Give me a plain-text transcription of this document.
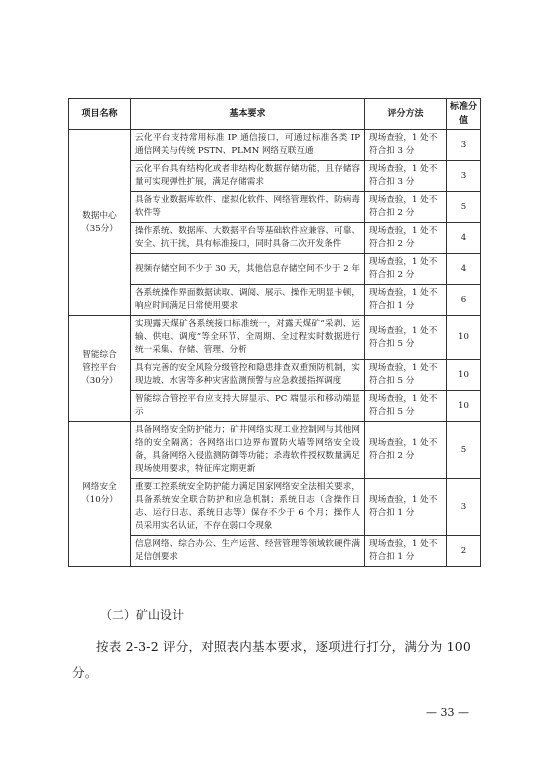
项目名称	基本要求	评分方法	标准分值

数据中心
（35分）	云化平台支持常用标准 IP 通信接口，可通过标准各类 IP 通信网关与传统 PSTN、PLMN 网络互联互通	现场查验，1 处不符合扣 3 分	3
	云化平台具有结构化或者非结构化数据存储功能，且存储容量可实现弹性扩展，满足存储需求	现场查验，1 处不符合扣 3 分	3
	具备专业数据库软件、虚拟化软件、网络管理软件、防病毒软件等	现场查验，1 处不符合扣 2 分	5
	操作系统、数据库、大数据平台等基础软件应兼容、可靠、安全、抗干扰，具有标准接口，同时具备二次开发条件	现场查验，1 处不符合扣 2 分	4
	视频存储空间不少于 30 天，其他信息存储空间不少于 2 年	现场查验，1 处不符合扣 2 分	4
	各系统操作界面数据读取、调阅、展示、操作无明显卡顿，响应时间满足日常使用要求	现场查验，1 处不符合扣 1 分	6

智能综合
管控平台
（30分）	实现露天煤矿各系统接口标准统一，对露天煤矿“采剥、运输、供电、调度”等全环节、全周期、全过程实时数据进行统一采集、存储、管理、分析	现场查验，1 处不符合扣 5 分	10
	具有完善的安全风险分级管控和隐患排查双重预防机制，实现边坡、水害等多种灾害监测预警与应急救援指挥调度	现场查验，1 处不符合扣 5 分	10
	智能综合管控平台应支持大屏显示、PC 端显示和移动端显示	现场查验，1 处不符合扣 5 分	10

网络安全
（10分）	具备网络安全防护能力；矿井网络实现工业控制网与其他网络的安全隔离；各网络出口边界布置防火墙等网络安全设备，具备网络入侵监测防御等功能；杀毒软件授权数量满足现场使用要求，特征库定期更新	现场查验，1 处不符合扣 2 分	5
	重要工控系统安全防护能力满足国家网络安全法相关要求，具备系统安全联合防护和应急机制；系统日志（含操作日志、运行日志、系统日志等）保存不少于 6 个月；操作人员采用实名认证，不存在弱口令现象	现场查验，1 处不符合扣 1 分	3
	信息网络、综合办公、生产运营、经营管理等领域软硬件满足信创要求	现场查验，1 处不符合扣 1 分	2
（二）矿山设计
按表 2-3-2 评分，对照表内基本要求，逐项进行打分，满分为 100 分。
— 33 —
